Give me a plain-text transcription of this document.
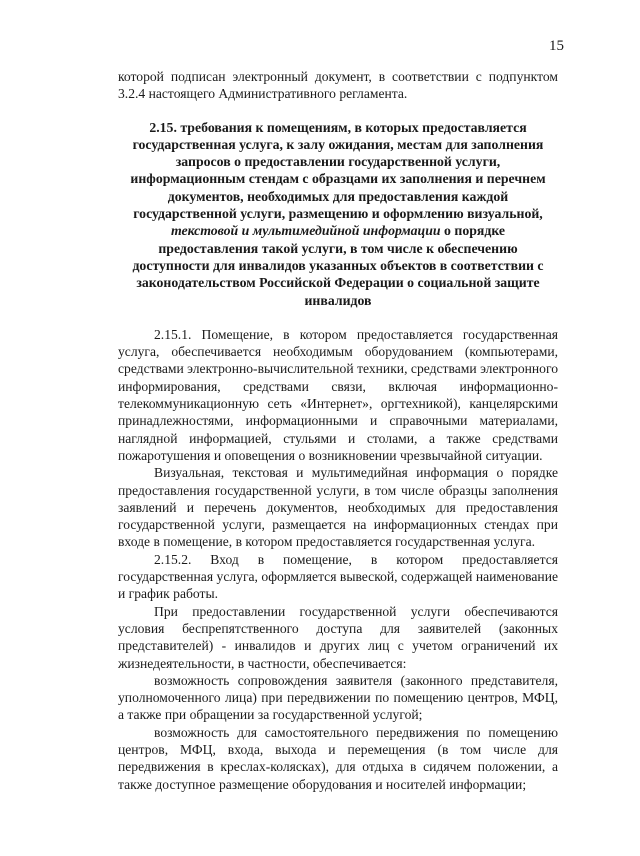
15

которой подписан электронный документ, в соответствии с подпунктом 3.2.4 настоящего Административного регламента.

2.15. требования к помещениям, в которых предоставляется государственная услуга, к залу ожидания, местам для заполнения запросов о предоставлении государственной услуги, информационным стендам с образцами их заполнения и перечнем документов, необходимых для предоставления каждой государственной услуги, размещению и оформлению визуальной, текстовой и мультимедийной информации о порядке предоставления такой услуги, в том числе к обеспечению доступности для инвалидов указанных объектов в соответствии с законодательством Российской Федерации о социальной защите инвалидов

2.15.1. Помещение, в котором предоставляется государственная услуга, обеспечивается необходимым оборудованием (компьютерами, средствами электронно-вычислительной техники, средствами электронного информирования, средствами связи, включая информационно-телекоммуникационную сеть «Интернет», оргтехникой), канцелярскими принадлежностями, информационными и справочными материалами, наглядной информацией, стульями и столами, а также средствами пожаротушения и оповещения о возникновении чрезвычайной ситуации.

Визуальная, текстовая и мультимедийная информация о порядке предоставления государственной услуги, в том числе образцы заполнения заявлений и перечень документов, необходимых для предоставления государственной услуги, размещается на информационных стендах при входе в помещение, в котором предоставляется государственная услуга.

2.15.2. Вход в помещение, в котором предоставляется государственная услуга, оформляется вывеской, содержащей наименование и график работы.

При предоставлении государственной услуги обеспечиваются условия беспрепятственного доступа для заявителей (законных представителей) - инвалидов и других лиц с учетом ограничений их жизнедеятельности, в частности, обеспечивается:

возможность сопровождения заявителя (законного представителя, уполномоченного лица) при передвижении по помещению центров, МФЦ, а также при обращении за государственной услугой;

возможность для самостоятельного передвижения по помещению центров, МФЦ, входа, выхода и перемещения (в том числе для передвижения в креслах-колясках), для отдыха в сидячем положении, а также доступное размещение оборудования и носителей информации;
